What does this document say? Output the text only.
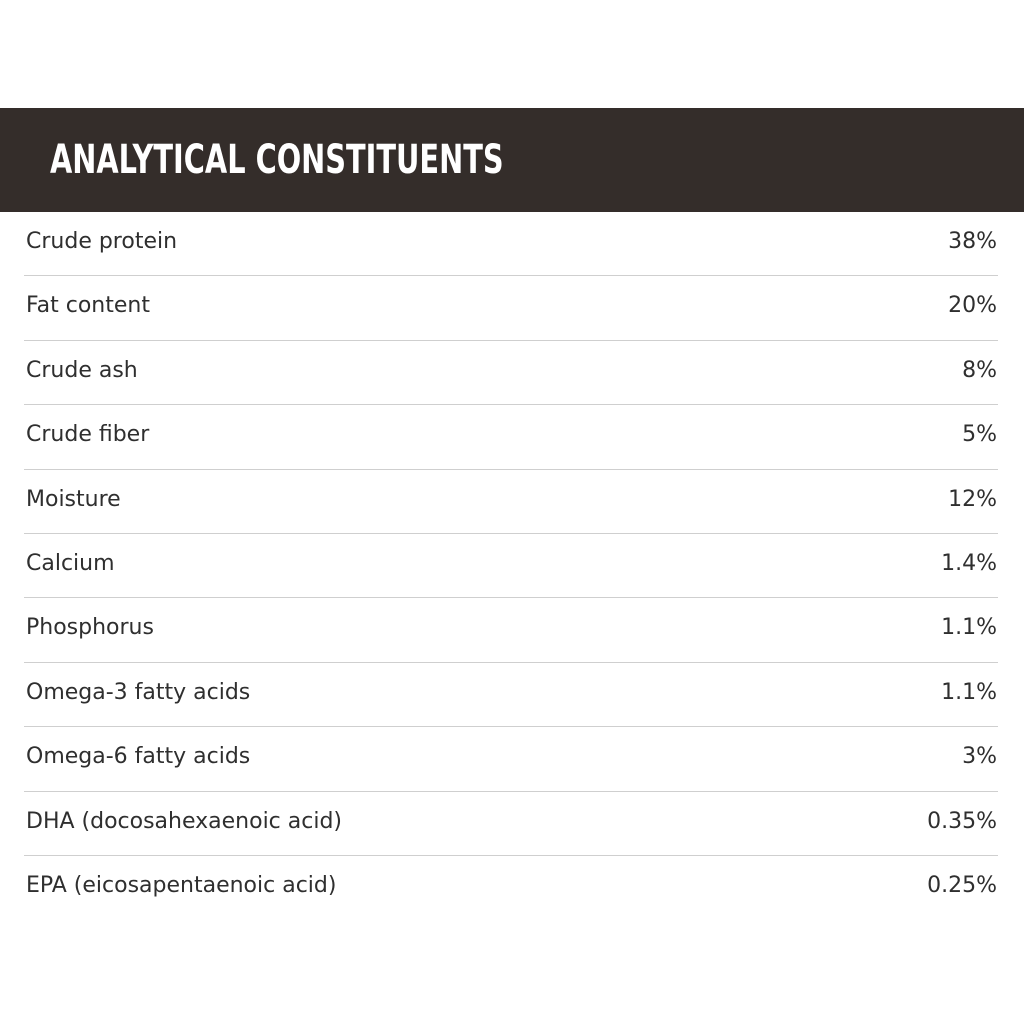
ANALYTICAL CONSTITUENTS
Crude protein	38%
Fat content	20%
Crude ash	8%
Crude fiber	5%
Moisture	12%
Calcium	1.4%
Phosphorus	1.1%
Omega-3 fatty acids	1.1%
Omega-6 fatty acids	3%
DHA (docosahexaenoic acid)	0.35%
EPA (eicosapentaenoic acid)	0.25%
